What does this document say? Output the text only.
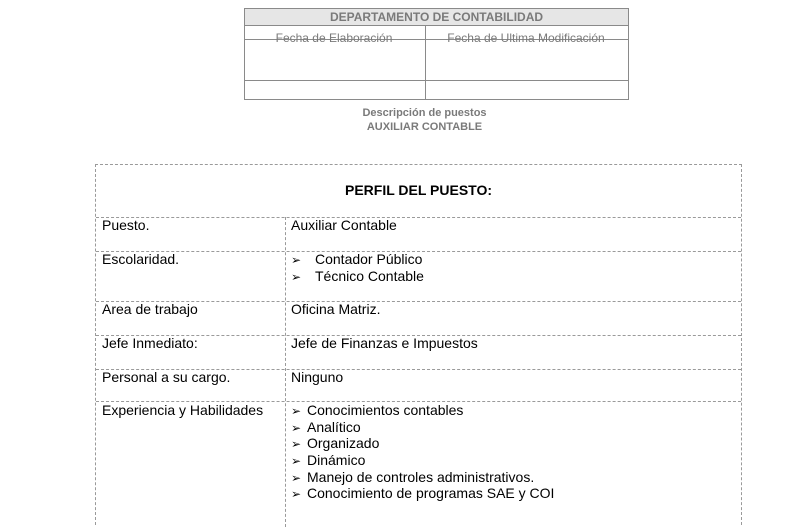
DEPARTAMENTO DE CONTABILIDAD
Fecha de Elaboración	Fecha de Ultima Modificación
Descripción de puestos
AUXILIAR CONTABLE
PERFIL DEL PUESTO:
Puesto.	Auxiliar Contable
Escolaridad.	➢ Contador Público
➢ Técnico Contable
Area de trabajo	Oficina Matriz.
Jefe Inmediato:	Jefe de Finanzas e Impuestos
Personal a su cargo.	Ninguno
Experiencia y Habilidades ➢ Conocimientos contables
➢ Analítico
➢ Organizado
➢ Dinámico
➢ Manejo de controles administrativos.
➢ Conocimiento de programas SAE y COI
